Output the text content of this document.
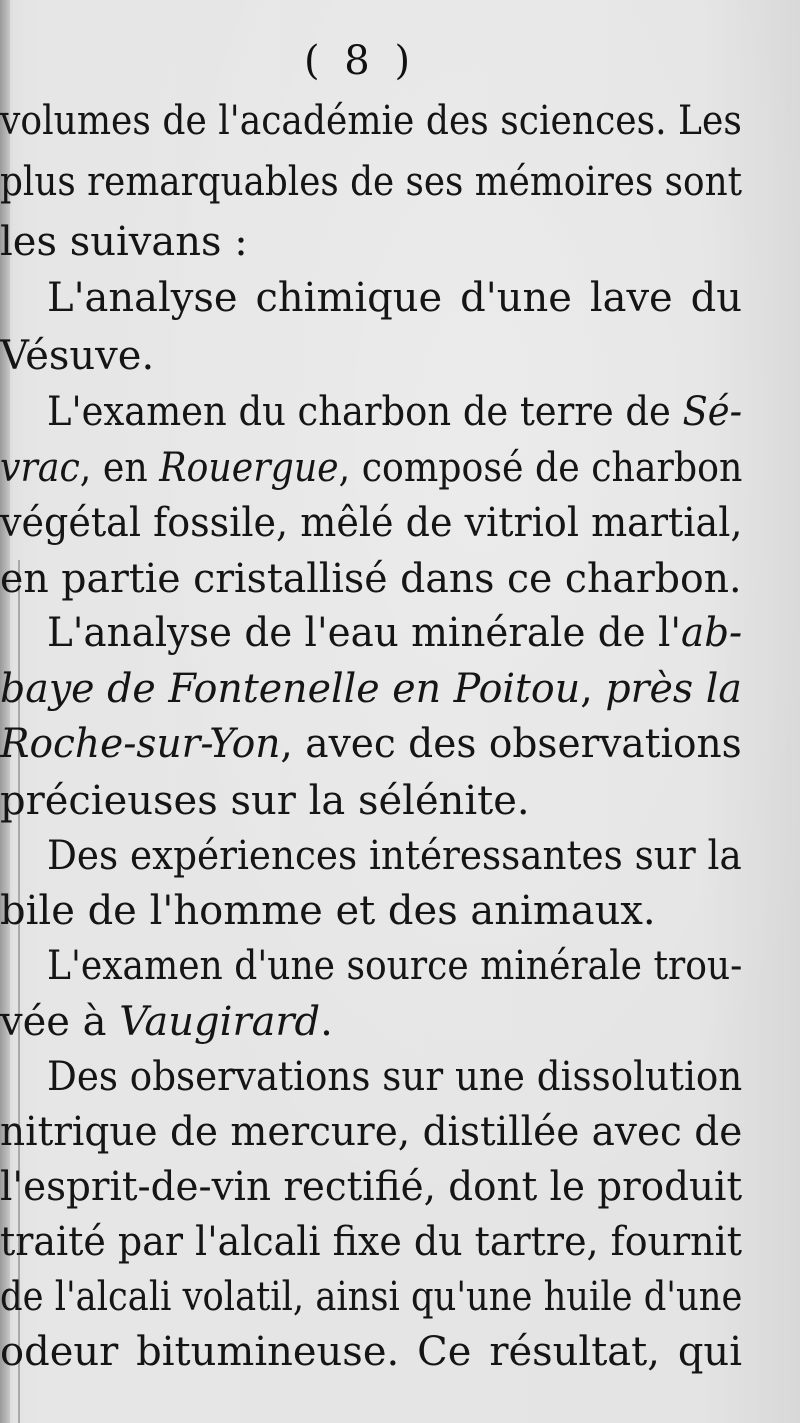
( 8 )
volumes de l'académie des sciences. Les
plus remarquables de ses mémoires sont
les suivans :
L'analyse chimique d'une lave du
Vésuve.
L'examen du charbon de terre de Sé-
vrac, en Rouergue, composé de charbon
végétal fossile, mêlé de vitriol martial,
en partie cristallisé dans ce charbon.
L'analyse de l'eau minérale de l'ab-
baye de Fontenelle en Poitou, près la
Roche-sur-Yon, avec des observations
précieuses sur la sélénite.
Des expériences intéressantes sur la
bile de l'homme et des animaux.
L'examen d'une source minérale trou-
vée à Vaugirard.
Des observations sur une dissolution
nitrique de mercure, distillée avec de
l'esprit-de-vin rectifié, dont le produit
traité par l'alcali fixe du tartre, fournit
de l'alcali volatil, ainsi qu'une huile d'une
odeur bitumineuse. Ce résultat, qui
